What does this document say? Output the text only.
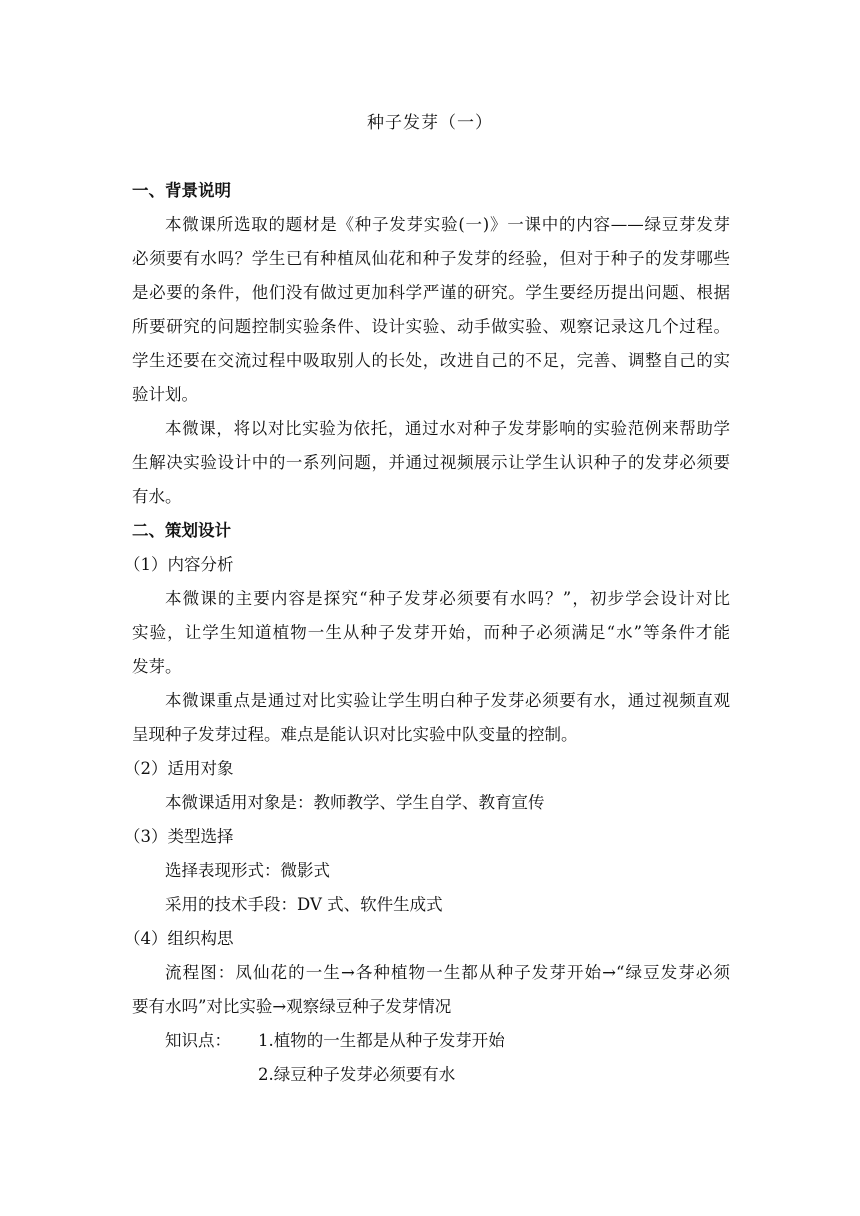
种子发芽（一）
一、背景说明
本微课所选取的题材是《种子发芽实验(一)》一课中的内容——绿豆芽发芽
必须要有水吗？学生已有种植凤仙花和种子发芽的经验，但对于种子的发芽哪些
是必要的条件，他们没有做过更加科学严谨的研究。学生要经历提出问题、根据
所要研究的问题控制实验条件、设计实验、动手做实验、观察记录这几个过程。
学生还要在交流过程中吸取别人的长处，改进自己的不足，完善、调整自己的实
验计划。
本微课，将以对比实验为依托，通过水对种子发芽影响的实验范例来帮助学
生解决实验设计中的一系列问题，并通过视频展示让学生认识种子的发芽必须要
有水。
二、策划设计
（1）内容分析
本微课的主要内容是探究“种子发芽必须要有水吗？”，初步学会设计对比
实验，让学生知道植物一生从种子发芽开始，而种子必须满足“水”等条件才能
发芽。
本微课重点是通过对比实验让学生明白种子发芽必须要有水，通过视频直观
呈现种子发芽过程。难点是能认识对比实验中队变量的控制。
（2）适用对象
本微课适用对象是：教师教学、学生自学、教育宣传
（3）类型选择
选择表现形式：微影式
采用的技术手段：DV 式、软件生成式
（4）组织构思
流程图：凤仙花的一生→各种植物一生都从种子发芽开始→“绿豆发芽必须
要有水吗”对比实验→观察绿豆种子发芽情况
知识点：	1.植物的一生都是从种子发芽开始
2.绿豆种子发芽必须要有水
